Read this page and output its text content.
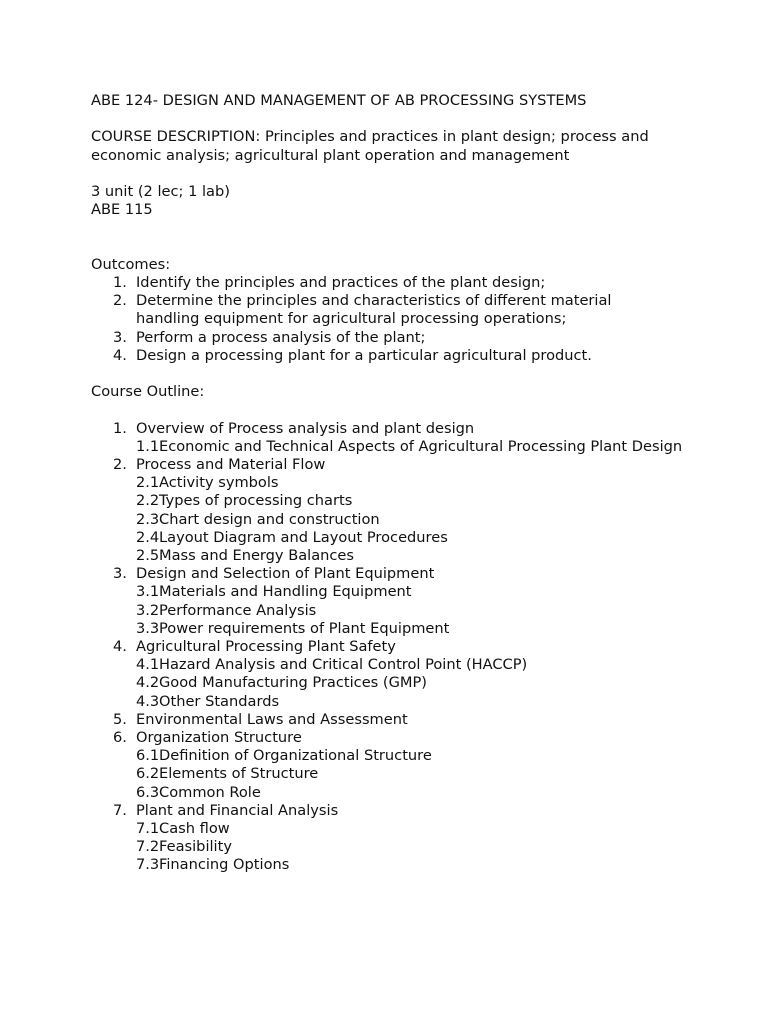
ABE 124- DESIGN AND MANAGEMENT OF AB PROCESSING SYSTEMS
COURSE DESCRIPTION: Principles and practices in plant design; process and
economic analysis; agricultural plant operation and management
3 unit (2 lec; 1 lab)
ABE 115
Outcomes:
1. Identify the principles and practices of the plant design;
2. Determine the principles and characteristics of different material
handling equipment for agricultural processing operations;
3. Perform a process analysis of the plant;
4. Design a processing plant for a particular agricultural product.
Course Outline:
1. Overview of Process analysis and plant design
1.1 Economic and Technical Aspects of Agricultural Processing Plant Design
2. Process and Material Flow
2.1 Activity symbols
2.2 Types of processing charts
2.3 Chart design and construction
2.4 Layout Diagram and Layout Procedures
2.5 Mass and Energy Balances
3. Design and Selection of Plant Equipment
3.1 Materials and Handling Equipment
3.2 Performance Analysis
3.3 Power requirements of Plant Equipment
4. Agricultural Processing Plant Safety
4.1 Hazard Analysis and Critical Control Point (HACCP)
4.2 Good Manufacturing Practices (GMP)
4.3 Other Standards
5. Environmental Laws and Assessment
6. Organization Structure
6.1 Definition of Organizational Structure
6.2 Elements of Structure
6.3 Common Role
7. Plant and Financial Analysis
7.1 Cash flow
7.2 Feasibility
7.3 Financing Options
